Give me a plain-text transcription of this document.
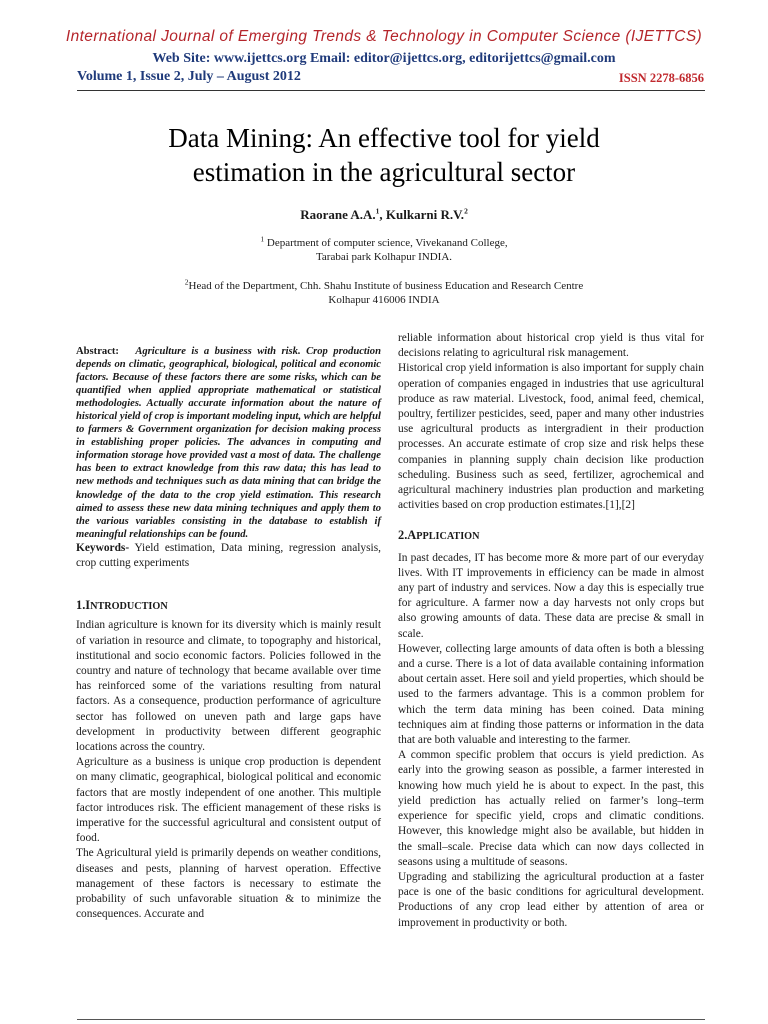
International Journal of Emerging Trends & Technology in Computer Science (IJETTCS)
Web Site: www.ijettcs.org Email: editor@ijettcs.org, editorijettcs@gmail.com
Volume 1, Issue 2, July – August 2012	ISSN 2278-6856
Data Mining: An effective tool for yield
estimation in the agricultural sector
Raorane A.A.$^1$, Kulkarni R.V.$^2$
$^1$ Department of computer science, Vivekanand College,
Tarabai park Kolhapur INDIA.
$^2$Head of the Department, Chh. Shahu Institute of business Education and Research Centre
Kolhapur 416006 INDIA

Abstract: Agriculture is a business with risk. Crop production depends on climatic, geographical, biological, political and economic factors. Because of these factors there are some risks, which can be quantified when applied appropriate mathematical or statistical methodologies. Actually accurate information about the nature of historical yield of crop is important modeling input, which are helpful to farmers & Government organization for decision making process in establishing proper policies. The advances in computing and information storage hove provided vast a most of data. The challenge has been to extract knowledge from this raw data; this has lead to new methods and techniques such as data mining that can bridge the knowledge of the data to the crop yield estimation. This research aimed to assess these new data mining techniques and apply them to the various variables consisting in the database to establish if meaningful relationships can be found.

Keywords- Yield estimation, Data mining, regression analysis, crop cutting experiments

1.INTRODUCTION

Indian agriculture is known for its diversity which is mainly result of variation in resource and climate, to topography and historical, institutional and socio economic factors. Policies followed in the country and nature of technology that became available over time has reinforced some of the variations resulting from natural factors. As a consequence, production performance of agriculture sector has followed on uneven path and large gaps have development in productivity between different geographic locations across the country.

Agriculture as a business is unique crop production is dependent on many climatic, geographical, biological political and economic factors that are mostly independent of one another. This multiple factor introduces risk. The efficient management of these risks is imperative for the successful agricultural and consistent output of food.

The Agricultural yield is primarily depends on weather conditions, diseases and pests, planning of harvest operation. Effective management of these factors is necessary to estimate the probability of such unfavorable situation & to minimize the consequences. Accurate and

reliable information about historical crop yield is thus vital for decisions relating to agricultural risk management.

Historical crop yield information is also important for supply chain operation of companies engaged in industries that use agricultural produce as raw material. Livestock, food, animal feed, chemical, poultry, fertilizer pesticides, seed, paper and many other industries use agricultural products as intergradient in their production processes. An accurate estimate of crop size and risk helps these companies in planning supply chain decision like production scheduling. Business such as seed, fertilizer, agrochemical and agricultural machinery industries plan production and marketing activities based on crop production estimates.[1],[2]

2.APPLICATION

In past decades, IT has become more & more part of our everyday lives. With IT improvements in efficiency can be made in almost any part of industry and services. Now a day this is especially true for agriculture. A farmer now a day harvests not only crops but also growing amounts of data. These data are precise & small in scale.

However, collecting large amounts of data often is both a blessing and a curse. There is a lot of data available containing information about certain asset. Here soil and yield properties, which should be used to the farmers advantage. This is a common problem for which the term data mining has been coined. Data mining techniques aim at finding those patterns or information in the data that are both valuable and interesting to the farmer.

A common specific problem that occurs is yield prediction. As early into the growing season as possible, a farmer interested in knowing how much yield he is about to expect. In the past, this yield prediction has actually relied on farmer’s long–term experience for specific yield, crops and climatic conditions. However, this knowledge might also be available, but hidden in the small–scale. Precise data which can now days collected in seasons using a multitude of seasons.

Upgrading and stabilizing the agricultural production at a faster pace is one of the basic conditions for agricultural development. Productions of any crop lead either by attention of area or improvement in productivity or both.
